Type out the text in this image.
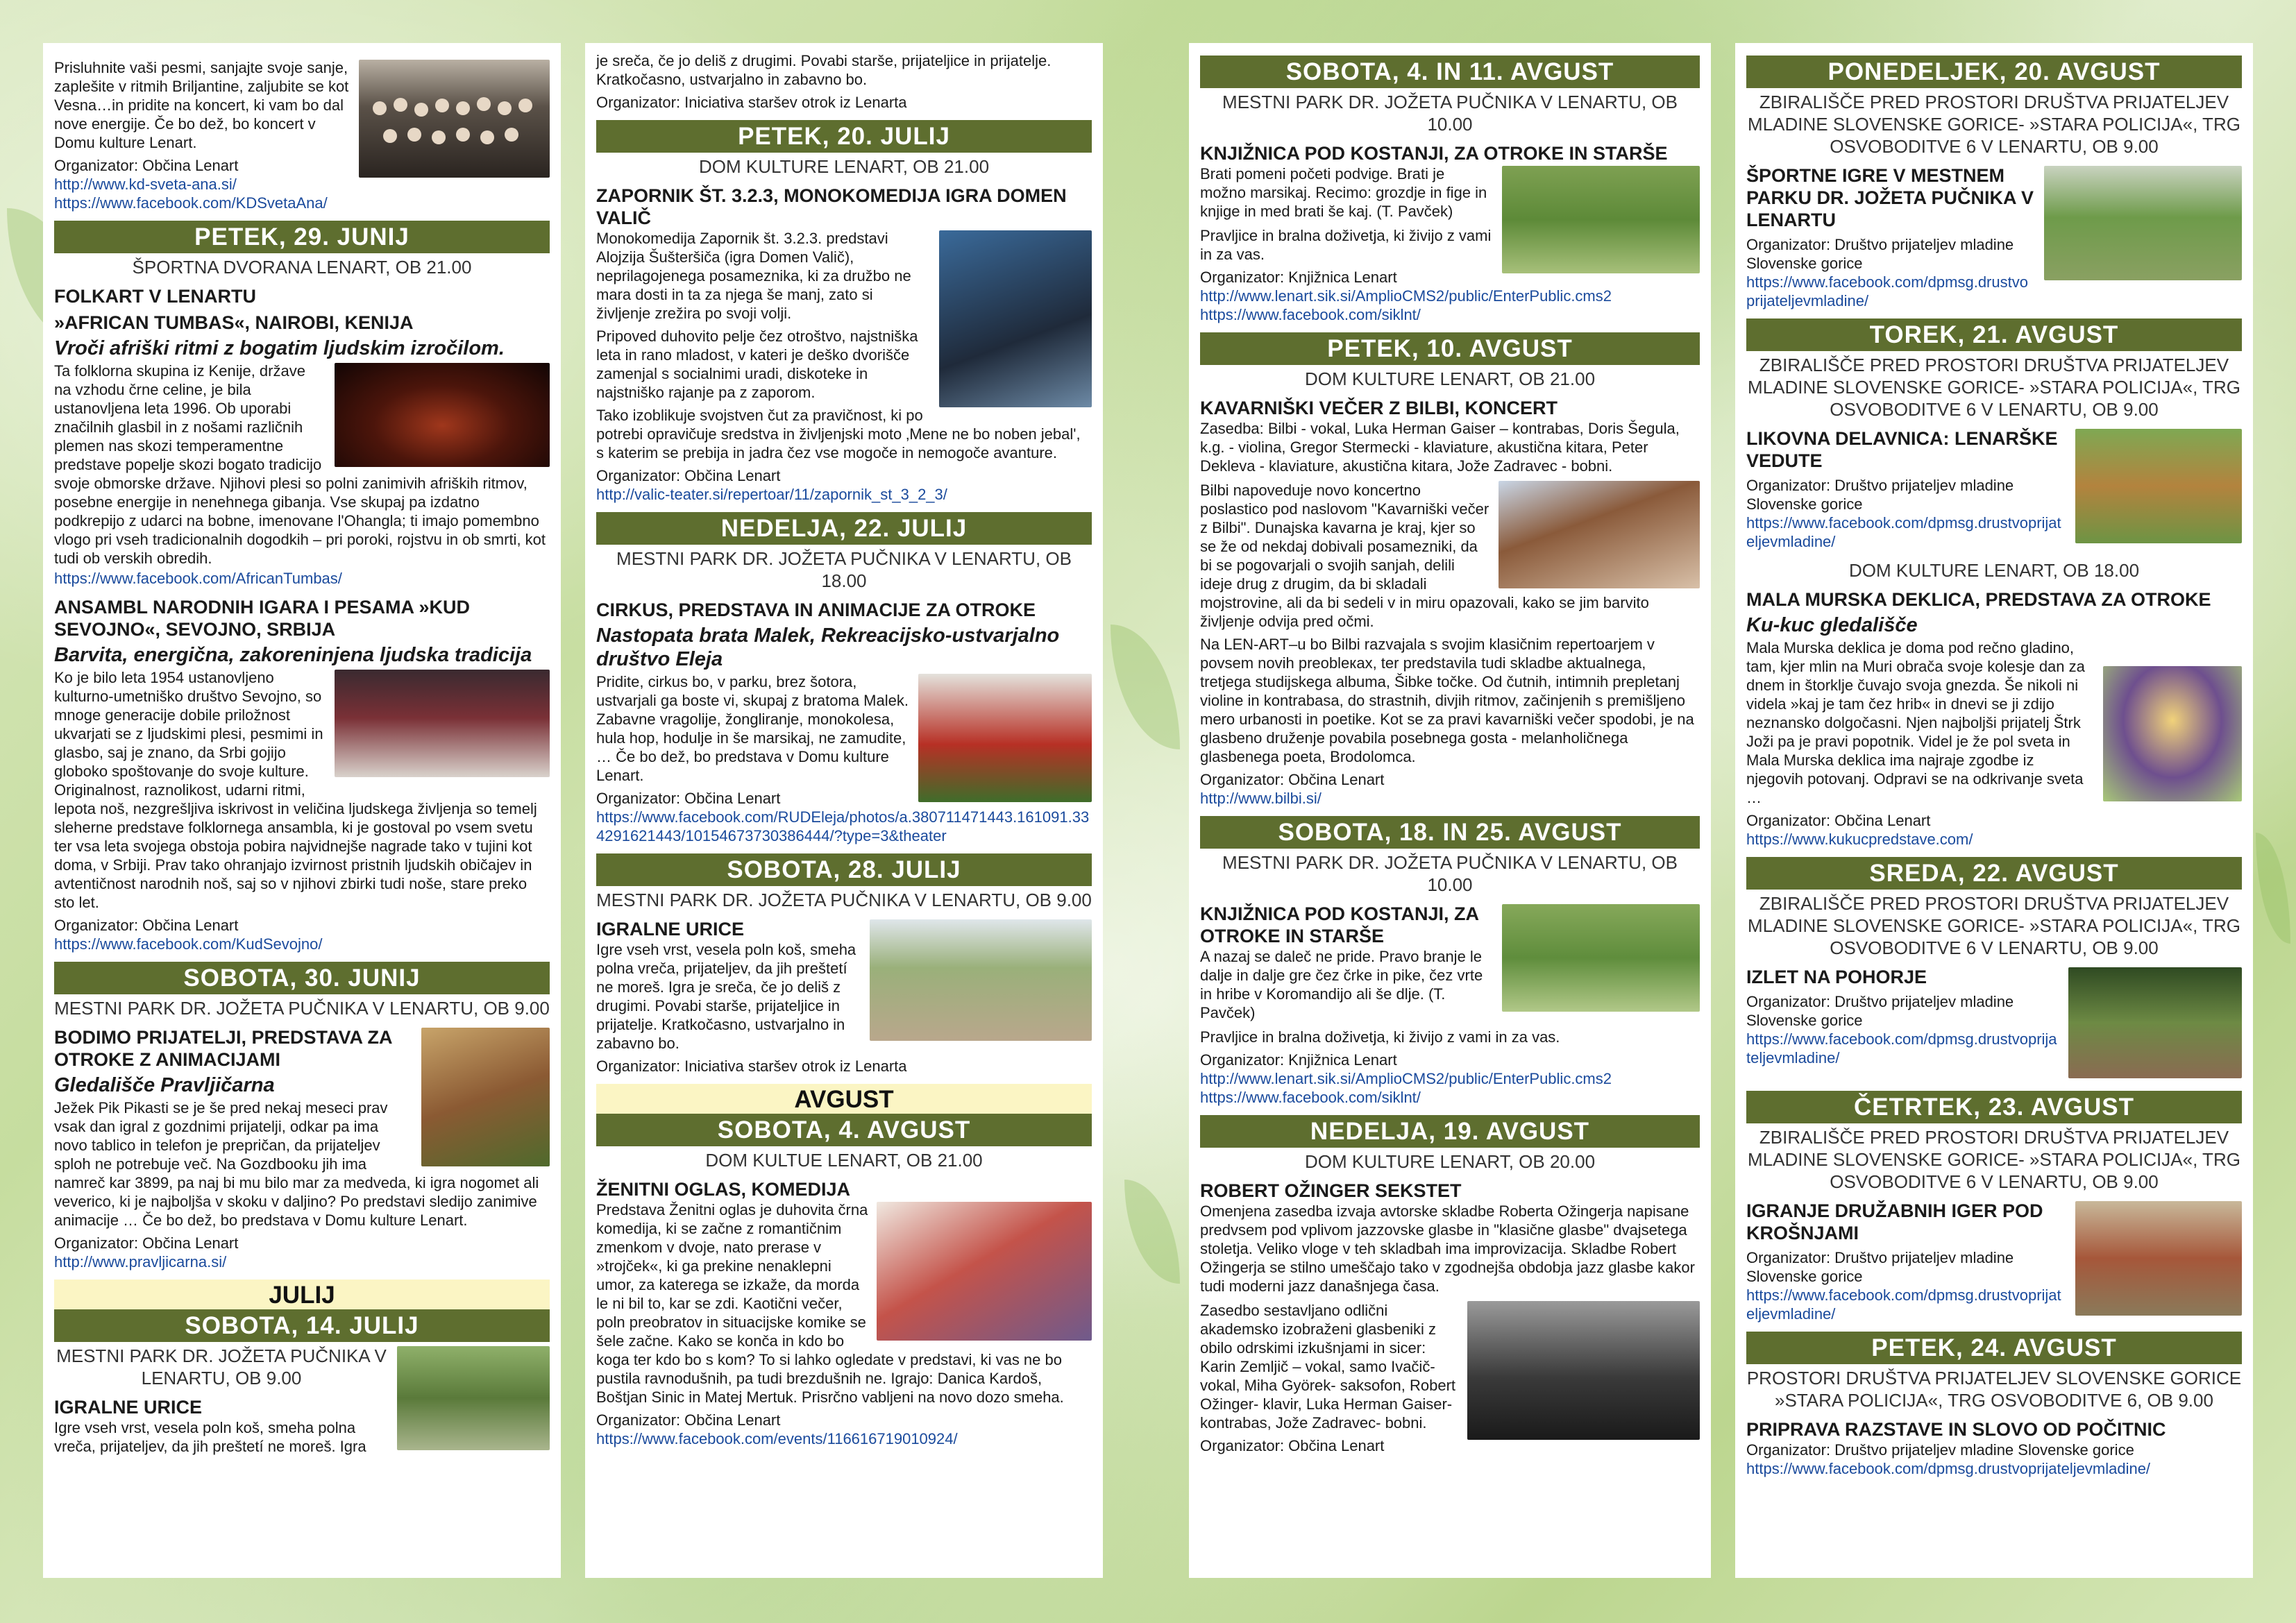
Prisluhnite vaši pesmi, sanjajte svoje sanje, zaplešite v ritmih Briljantine, zaljubite se kot Vesna…in pridite na koncert, ki vam bo dal nove energije. Če bo dež, bo koncert v Domu kulture Lenart.

Organizator: Občina Lenart
http://www.kd-sveta-ana.si/
https://www.facebook.com/KDSvetaAna/
PETEK, 29. JUNIJ
ŠPORTNA DVORANA LENART, OB 21.00
FOLKART V LENARTU
»AFRICAN TUMBAS«, NAIROBI, KENIJA
Vroči afriški ritmi z bogatim ljudskim izročilom.

Ta folklorna skupina iz Kenije, države na vzhodu črne celine, je bila ustanovljena leta 1996. Ob uporabi značilnih glasbil in z nošami različnih plemen nas skozi temperamentne predstave popelje skozi bogato tradicijo svoje obmorske države. Njihovi plesi so polni zanimivih afriških ritmov, posebne energije in nenehnega gibanja. Vse skupaj pa izdatno podkrepijo z udarci na bobne, imenovane l'Ohangla; ti imajo pomembno vlogo pri vseh tradicionalnih dogodkih – pri poroki, rojstvu in ob smrti, kot tudi ob verskih obredih.

https://www.facebook.com/AfricanTumbas/
ANSAMBL NARODNIH IGARA I PESAMA »KUD SEVOJNO«, SEVOJNO, SRBIJA
Barvita, energična, zakoreninjena ljudska tradicija

Ko je bilo leta 1954 ustanovljeno kulturno-umetniško društvo Sevojno, so mnoge generacije dobile priložnost ukvarjati se z ljudskimi plesi, pesmimi in glasbo, saj je znano, da Srbi gojijo globoko spoštovanje do svoje kulture. Originalnost, raznolikost, udarni ritmi, lepota noš, nezgrešljiva iskrivost in veličina ljudskega življenja so temelj sleherne predstave folklornega ansambla, ki je gostoval po vsem svetu ter vsa leta svojega obstoja pobira najvidnejše nagrade tako v tujini kot doma, v Srbiji. Prav tako ohranjajo izvirnost pristnih ljudskih običajev in avtentičnost narodnih noš, saj so v njihovi zbirki tudi noše, stare preko sto let.

Organizator: Občina Lenart
https://www.facebook.com/KudSevojno/
SOBOTA, 30. JUNIJ
MESTNI PARK DR. JOŽETA PUČNIKA V LENARTU, OB 9.00
BODIMO PRIJATELJI, PREDSTAVA ZA OTROKE Z ANIMACIJAMI
Gledališče Pravljičarna

Ježek Pik Pikasti se je še pred nekaj meseci prav vsak dan igral z gozdnimi prijatelji, odkar pa ima novo tablico in telefon je prepričan, da prijateljev sploh ne potrebuje več. Na Gozdbooku jih ima namreč kar 3899, pa naj bi mu bilo mar za medveda, ki igra nogomet ali veverico, ki je najboljša v skoku v daljino? Po predstavi sledijo zanimive animacije … Če bo dež, bo predstava v Domu kulture Lenart.

Organizator: Občina Lenart
http://www.pravljicarna.si/
JULIJ
SOBOTA, 14. JULIJ
MESTNI PARK DR. JOŽETA PUČNIKA V LENARTU, OB 9.00
IGRALNE URICE

Igre vseh vrst, vesela poln koš, smeha polna vreča, prijateljev, da jih preštetí ne moreš. Igra

je sreča, če jo deliš z drugimi. Povabi starše, prijateljice in prijatelje. Kratkočasno, ustvarjalno in zabavno bo.

Organizator: Iniciativa staršev otrok iz Lenarta
PETEK, 20. JULIJ
DOM KULTURE LENART, OB 21.00
ZAPORNIK ŠT. 3.2.3, MONOKOMEDIJA IGRA DOMEN VALIČ

Monokomedija Zapornik št. 3.2.3. predstavi Alojzija Šušteršiča (igra Domen Valič), neprilagojenega posameznika, ki za družbo ne mara dosti in ta za njega še manj, zato si življenje zrežira po svoji volji.

Pripoved duhovito pelje čez otroštvo, najstniška leta in rano mladost, v kateri je deško dvorišče zamenjal s socialnimi uradi, diskoteke in najstniško rajanje pa z zaporom.

Tako izoblikuje svojstven čut za pravičnost, ki po potrebi opravičuje sredstva in življenjski moto ‚Mene ne bo noben jebal', s katerim se prebija in jadra čez vse mogoče in nemogoče avanture.

Organizator: Občina Lenart
http://valic-teater.si/repertoar/11/zapornik_st_3_2_3/
NEDELJA, 22. JULIJ
MESTNI PARK DR. JOŽETA PUČNIKA V LENARTU, OB 18.00
CIRKUS, PREDSTAVA IN ANIMACIJE ZA OTROKE
Nastopata brata Malek, Rekreacijsko-ustvarjalno društvo Eleja

Pridite, cirkus bo, v parku, brez šotora, ustvarjali ga boste vi, skupaj z bratoma Malek. Zabavne vragolije, žongliranje, monokolesa, hula hop, hodulje in še marsikaj, ne zamudite, … Če bo dež, bo predstava v Domu kulture Lenart.

Organizator: Občina Lenart
https://www.facebook.com/RUDEleja/photos/a.380711471443.161091.334291621443/10154673730386444/?type=3&theater
SOBOTA, 28. JULIJ
MESTNI PARK DR. JOŽETA PUČNIKA V LENARTU, OB 9.00
IGRALNE URICE

Igre vseh vrst, vesela poln koš, smeha polna vreča, prijateljev, da jih preštetí ne moreš. Igra je sreča, če jo deliš z drugimi. Povabi starše, prijateljice in prijatelje. Kratkočasno, ustvarjalno in zabavno bo.

Organizator: Iniciativa staršev otrok iz Lenarta
AVGUST
SOBOTA, 4. AVGUST
DOM KULTUE LENART, OB 21.00
ŽENITNI OGLAS, KOMEDIJA

Predstava Ženitni oglas je duhovita črna komedija, ki se začne z romantičnim zmenkom v dvoje, nato prerase v »trojček«, ki ga prekine nenaklepni umor, za katerega se izkaže, da morda le ni bil to, kar se zdi. Kaotični večer, poln preobratov in situacijske komike se šele začne. Kako se konča in kdo bo koga ter kdo bo s kom? To si lahko ogledate v predstavi, ki vas ne bo pustila ravnodušnih, pa tudi brezdušnih ne. Igrajo: Danica Kardoš, Boštjan Sinic in Matej Mertuk. Prisrčno vabljeni na novo dozo smeha.

Organizator: Občina Lenart
https://www.facebook.com/events/116616719010924/
SOBOTA, 4. IN 11. AVGUST
MESTNI PARK DR. JOŽETA PUČNIKA V LENARTU, OB 10.00
KNJIŽNICA POD KOSTANJI, ZA OTROKE IN STARŠE

Brati pomeni početi podvige. Brati je možno marsikaj. Recimo: grozdje in fige in knjige in med brati še kaj. (T. Pavček)

Pravljice in bralna doživetja, ki živijo z vami in za vas.

Organizator: Knjižnica Lenart
http://www.lenart.sik.si/AmplioCMS2/public/EnterPublic.cms2
https://www.facebook.com/siklnt/
PETEK, 10. AVGUST
DOM KULTURE LENART, OB 21.00
KAVARNIŠKI VEČER Z BILBI, KONCERT

Zasedba: Bilbi - vokal, Luka Herman Gaiser – kontrabas, Doris Šegula, k.g. - violina, Gregor Stermecki - klaviature, akustična kitara, Peter Dekleva - klaviature, akustična kitara, Jože Zadravec - bobni.

Bilbi napoveduje novo koncertno poslastico pod naslovom "Kavarniški večer z Bilbi". Dunajska kavarna je kraj, kjer so se že od nekdaj dobivali posamezniki, da bi se pogovarjali o svojih sanjah, delili ideje drug z drugim, da bi skladali mojstrovine, ali da bi sedeli v in miru opazovali, kako se jim barvito življenje odvija pred očmi.

Na LEN-ART–u bo Bilbi razvajala s svojim klasičnim repertoarjem v povsem novih preobleках, ter predstavila tudi skladbe aktualnega, tretjega studijskega albuma, Šibke točke. Od čutnih, intimnih prepletanj violine in kontrabasa, do strastnih, divjih ritmov, začinjenih s premišljeno mero urbanosti in poetike. Kot se za pravi kavarniški večer spodobi, je na glasbeno druženje povabila posebnega gosta - melanholičnega glasbenega poeta, Brodolomca.

Organizator: Občina Lenart
http://www.bilbi.si/
SOBOTA, 18. IN 25. AVGUST
MESTNI PARK DR. JOŽETA PUČNIKA V LENARTU, OB 10.00
KNJIŽNICA POD KOSTANJI, ZA OTROKE IN STARŠE

A nazaj se daleč ne pride. Pravo branje le dalje in dalje gre čez črke in pike, čez vrte in hribe v Koromandijo ali še dlje. (T. Pavček)

Pravljice in bralna doživetja, ki živijo z vami in za vas.

Organizator: Knjižnica Lenart
http://www.lenart.sik.si/AmplioCMS2/public/EnterPublic.cms2
https://www.facebook.com/siklnt/
NEDELJA, 19. AVGUST
DOM KULTURE LENART, OB 20.00
ROBERT OŽINGER SEKSTET

Omenjena zasedba izvaja avtorske skladbe Roberta Ožingerja napisane predvsem pod vplivom jazzovske glasbe in "klasične glasbe" dvajsetega stoletja. Veliko vloge v teh skladbah ima improvizacija. Skladbe Robert Ožingerja se stilno umeščajo tako v zgodnejša obdobja jazz glasbe kakor tudi moderni jazz današnjega časa.

Zasedbo sestavljano odlični akademsko izobraženi glasbeniki z obilo odrskimi izkušnjami in sicer: Karin Zemljič – vokal, samo Ivačič- vokal, Miha Györek- saksofon, Robert Ožinger- klavir, Luka Herman Gaiser- kontrabas, Jože Zadravec- bobni.

Organizator: Občina Lenart
PONEDELJEK, 20. AVGUST
ZBIRALIŠČE PRED PROSTORI DRUŠTVA PRIJATELJEV MLADINE SLOVENSKE GORICE- »STARA POLICIJA«, TRG OSVOBODITVE 6 V LENARTU, OB 9.00
ŠPORTNE IGRE V MESTNEM PARKU DR. JOŽETA PUČNIKA V LENARTU
Organizator: Društvo prijateljev mladine Slovenske gorice
https://www.facebook.com/dpmsg.drustvoprijateljevmladine/
TOREK, 21. AVGUST
ZBIRALIŠČE PRED PROSTORI DRUŠTVA PRIJATELJEV MLADINE SLOVENSKE GORICE- »STARA POLICIJA«, TRG OSVOBODITVE 6 V LENARTU, OB 9.00
LIKOVNA DELAVNICA: LENARŠKE VEDUTE
Organizator: Društvo prijateljev mladine Slovenske gorice
https://www.facebook.com/dpmsg.drustvoprijateljevmladine/
DOM KULTURE LENART, OB 18.00
MALA MURSKA DEKLICA, PREDSTAVA ZA OTROKE
Ku-kuc gledališče

Mala Murska deklica je doma pod rečno gladino, tam, kjer mlin na Muri obrača svoje kolesje dan za dnem in štorklje čuvajo svoja gnezda. Še nikoli ni videla »kaj je tam čez hrib« in dnevi se ji zdijo neznansko dolgočasni. Njen najboljši prijatelj Štrk Joži pa je pravi popotnik. Videl je že pol sveta in Mala Murska deklica ima najraje zgodbe iz njegovih potovanj. Odpravi se na odkrivanje sveta …

Organizator: Občina Lenart
https://www.kukucpredstave.com/
SREDA, 22. AVGUST
ZBIRALIŠČE PRED PROSTORI DRUŠTVA PRIJATELJEV MLADINE SLOVENSKE GORICE- »STARA POLICIJA«, TRG OSVOBODITVE 6 V LENARTU, OB 9.00
IZLET NA POHORJE
Organizator: Društvo prijateljev mladine Slovenske gorice
https://www.facebook.com/dpmsg.drustvoprijateljevmladine/
ČETRTEK, 23. AVGUST
ZBIRALIŠČE PRED PROSTORI DRUŠTVA PRIJATELJEV MLADINE SLOVENSKE GORICE- »STARA POLICIJA«, TRG OSVOBODITVE 6 V LENARTU, OB 9.00
IGRANJE DRUŽABNIH IGER POD KROŠNJAMI
Organizator: Društvo prijateljev mladine Slovenske gorice
https://www.facebook.com/dpmsg.drustvoprijateljevmladine/
PETEK, 24. AVGUST
PROSTORI DRUŠTVA PRIJATELJEV SLOVENSKE GORICE »STARA POLICIJA«, TRG OSVOBODITVE 6, OB 9.00
PRIPRAVA RAZSTAVE IN SLOVO OD POČITNIC
Organizator: Društvo prijateljev mladine Slovenske gorice
https://www.facebook.com/dpmsg.drustvoprijateljevmladine/
